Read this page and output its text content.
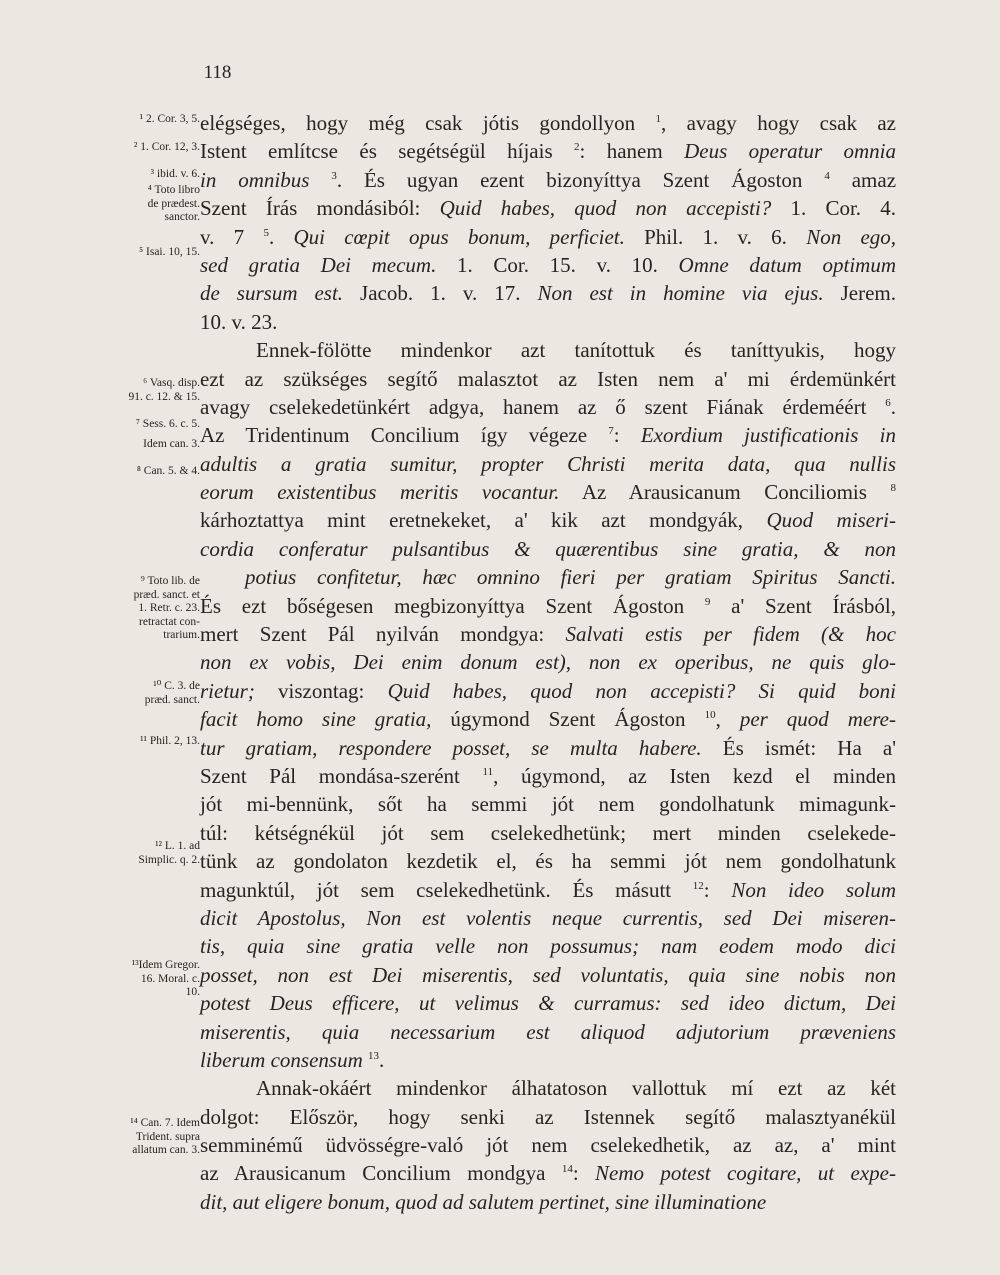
118
¹ 2. Cor. 3, 5.
² 1. Cor. 12, 3.
³ ibid. v. 6.
⁴ Toto libro
de prædest.
sanctor.
⁵ Isai. 10, 15.
⁶ Vasq. disp.
91. c. 12. & 15.
⁷ Sess. 6. c. 5.
Idem can. 3.
⁸ Can. 5. & 4.
⁹ Toto lib. de
præd. sanct. et
1. Retr. c. 23.
retractat con-
trarium.
¹⁰ C. 3. de
præd. sanct.
¹¹ Phil. 2, 13.
¹² L. 1. ad
Simplic. q. 2.
¹³Idem Gregor.
16. Moral. c.
10.
¹⁴ Can. 7. Idem
Trident. supra
allatum can. 3.
elégséges, hogy még csak jótis gondollyon $^1$, avagy hogy csak az
Istent említcse és segétségül híjais $^2$: hanem Deus operatur omnia
in omnibus $^3$. És ugyan ezent bizonyíttya Szent Ágoston $^4$ amaz
Szent Írás mondásiból: Quid habes, quod non accepisti? 1. Cor. 4.
v. 7 $^5$. Qui cœpit opus bonum, perficiet. Phil. 1. v. 6. Non ego,
sed gratia Dei mecum. 1. Cor. 15. v. 10. Omne datum optimum
de sursum est. Jacob. 1. v. 17. Non est in homine via ejus. Jerem.
10. v. 23.
Ennek-fölötte mindenkor azt tanítottuk és taníttyukis, hogy
ezt az szükséges segítő malasztot az Isten nem a' mi érdemünkért
avagy cselekedetünkért adgya, hanem az ő szent Fiának érdeméért $^6$.
Az Tridentinum Concilium így végeze $^7$: Exordium justificationis in
adultis a gratia sumitur, propter Christi merita data, qua nullis
eorum existentibus meritis vocantur. Az Arausicanum Conciliomis $^8$
kárhoztattya mint eretnekeket, a' kik azt mondgyák, Quod miseri-
cordia conferatur pulsantibus & quærentibus sine gratia, & non
potius confitetur, hæc omnino fieri per gratiam Spiritus Sancti.
És ezt bőségesen megbizonyíttya Szent Ágoston $^9$ a' Szent Írásból,
mert Szent Pál nyilván mondgya: Salvati estis per fidem (& hoc
non ex vobis, Dei enim donum est), non ex operibus, ne quis glo-
rietur; viszontag: Quid habes, quod non accepisti? Si quid boni
facit homo sine gratia, úgymond Szent Ágoston $^{10}$, per quod mere-
tur gratiam, respondere posset, se multa habere. És ismét: Ha a'
Szent Pál mondása-szerént $^{11}$, úgymond, az Isten kezd el minden
jót mi-bennünk, sőt ha semmi jót nem gondolhatunk mimagunk-
túl: kétségnékül jót sem cselekedhetünk; mert minden cselekede-
tünk az gondolaton kezdetik el, és ha semmi jót nem gondolhatunk
magunktúl, jót sem cselekedhetünk. És másutt $^{12}$: Non ideo solum
dicit Apostolus, Non est volentis neque currentis, sed Dei miseren-
tis, quia sine gratia velle non possumus; nam eodem modo dici
posset, non est Dei miserentis, sed voluntatis, quia sine nobis non
potest Deus efficere, ut velimus & curramus: sed ideo dictum, Dei
miserentis, quia necessarium est aliquod adjutorium præveniens
liberum consensum $^{13}$.
Annak-okáért mindenkor álhatatoson vallottuk mí ezt az két
dolgot: Először, hogy senki az Istennek segítő malasztyanékül
semminémű üdvösségre-való jót nem cselekedhetik, az az, a' mint
az Arausicanum Concilium mondgya $^{14}$: Nemo potest cogitare, ut expe-
dit, aut eligere bonum, quod ad salutem pertinet, sine illuminatione
